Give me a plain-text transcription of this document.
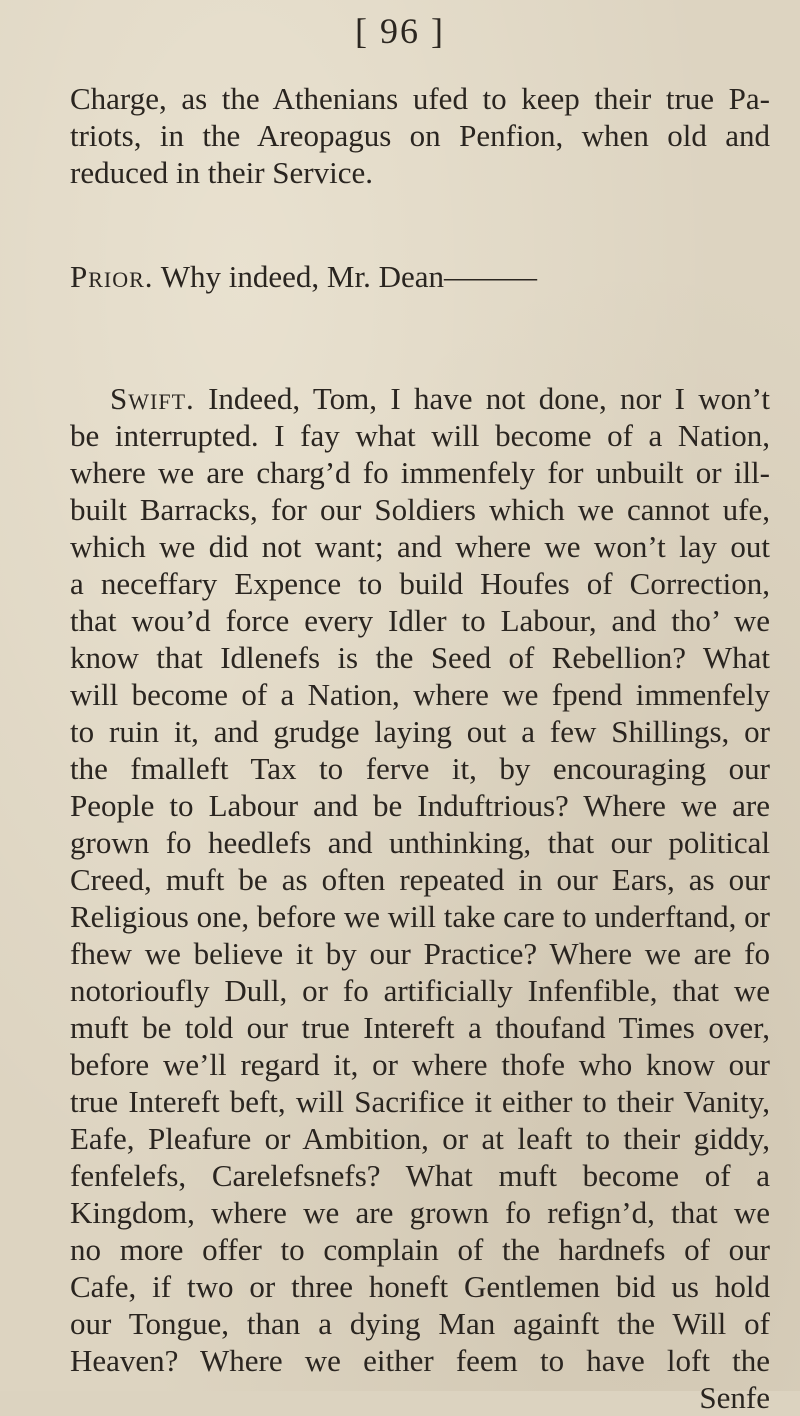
[ 96 ]
Charge, as the Athenians ufed to keep their true Pa-
triots, in the Areopagus on Penfion, when old and
reduced in their Service.
Prior. Why indeed, Mr. Dean———
Swift. Indeed, Tom, I have not done, nor I won’t
be interrupted. I fay what will become of a Nation,
where we are charg’d fo immenfely for unbuilt or ill-
built Barracks, for our Soldiers which we cannot ufe,
which we did not want; and where we won’t lay out
a neceffary Expence to build Houfes of Correction,
that wou’d force every Idler to Labour, and tho’ we
know that Idlenefs is the Seed of Rebellion? What
will become of a Nation, where we fpend immenfely
to ruin it, and grudge laying out a few Shillings, or
the fmalleft Tax to ferve it, by encouraging our
People to Labour and be Induftrious? Where we are
grown fo heedlefs and unthinking, that our political
Creed, muft be as often repeated in our Ears, as our
Religious one, before we will take care to underftand, or
fhew we believe it by our Practice? Where we are fo
notorioufly Dull, or fo artificially Infenfible, that we
muft be told our true Intereft a thoufand Times over,
before we’ll regard it, or where thofe who know our
true Intereft beft, will Sacrifice it either to their Vanity,
Eafe, Pleafure or Ambition, or at leaft to their giddy,
fenfelefs, Carelefsnefs? What muft become of a
Kingdom, where we are grown fo refign’d, that we
no more offer to complain of the hardnefs of our
Cafe, if two or three honeft Gentlemen bid us hold
our Tongue, than a dying Man againft the Will of
Heaven? Where we either feem to have loft the
Senfe
